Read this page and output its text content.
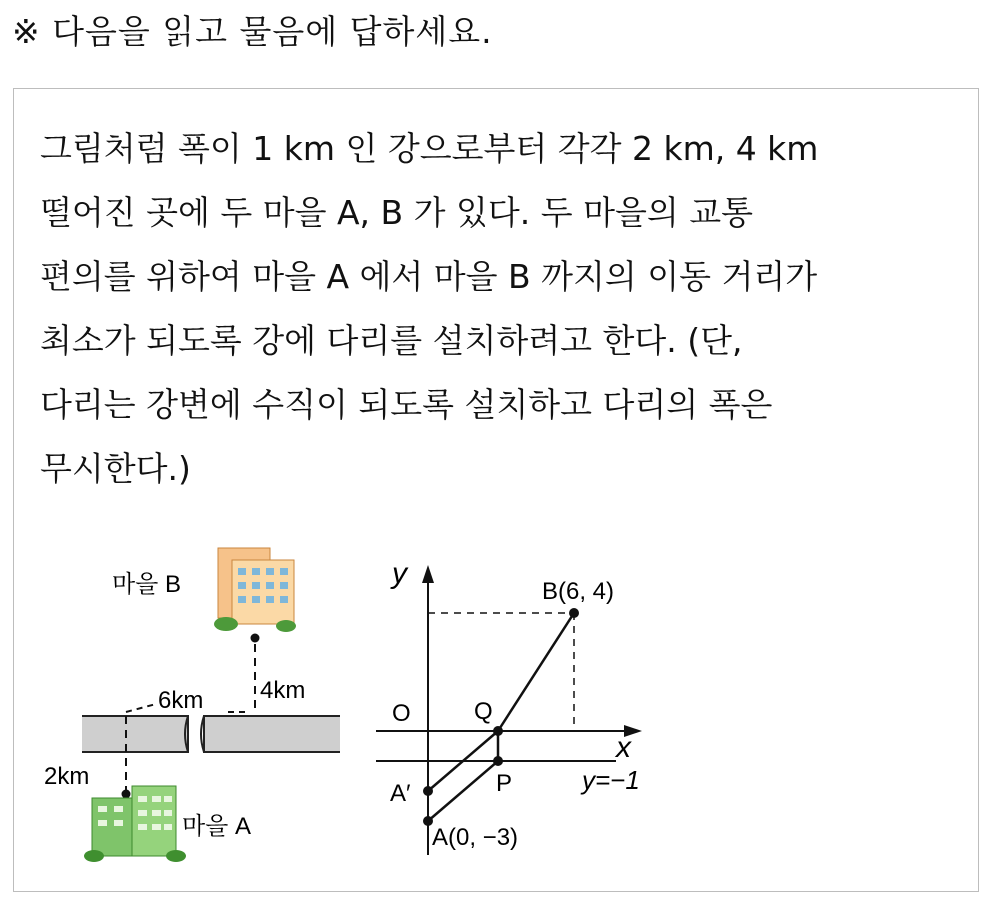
※ 다음을 읽고 물음에 답하세요.
그림처럼 폭이 1 km 인 강으로부터 각각 2 km, 4 km
떨어진 곳에 두 마을 A, B 가 있다. 두 마을의 교통
편의를 위하여 마을 A 에서 마을 B 까지의 이동 거리가
최소가 되도록 강에 다리를 설치하려고 한다. (단,
다리는 강변에 수직이 되도록 설치하고 다리의 폭은
무시한다.)
마을 B
4km
6km
2km
마을 A
y
x
O
B(6, 4)
Q
P
A′
A(0, −3)
y=−1
